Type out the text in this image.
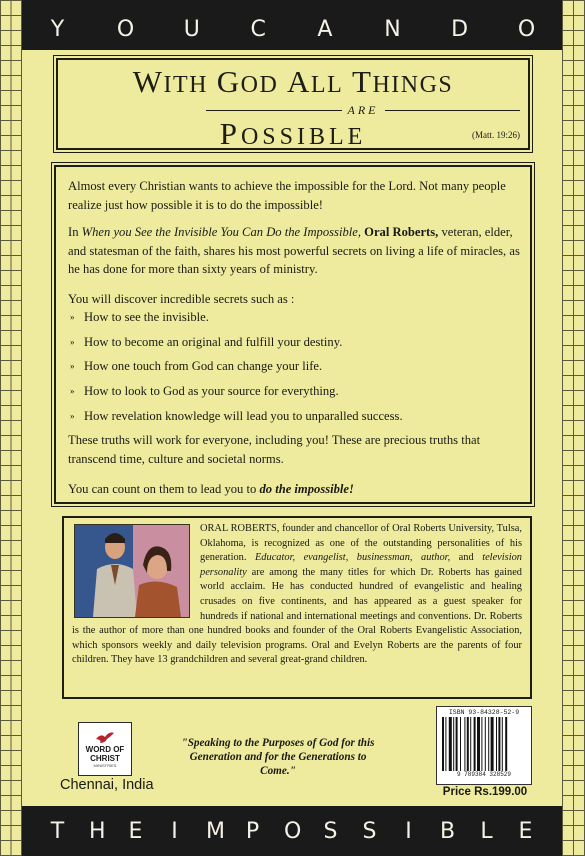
Y O U C A N D O
WITH GOD ALL THINGS
ARE
POSSIBLE	(Matt. 19:26)

Almost every Christian wants to achieve the impossible for the Lord. Not many people realize just how possible it is to do the impossible!

In When you See the Invisible You Can Do the Impossible, Oral Roberts, veteran, elder, and statesman of the faith, shares his most powerful secrets on living a life of miracles, as he has done for more than sixty years of ministry.

You will discover incredible secrets such as :

» How to see the invisible.
» How to become an original and fulfill your destiny.
» How one touch from God can change your life.
» How to look to God as your source for everything.
» How revelation knowledge will lead you to unparalled success.

These truths will work for everyone, including you! These are precious truths that transcend time, culture and societal norms.

You can count on them to lead you to do the impossible!

ORAL ROBERTS, founder and chancellor of Oral Roberts University, Tulsa, Oklahoma, is recognized as one of the outstanding personalities of his generation. Educator, evangelist, businessman, author, and television personality are among the many titles for which Dr. Roberts has gained world acclaim. He has conducted hundred of evangelistic and healing crusades on five continents, and has appeared as a guest speaker for hundreds if national and international meetings and conventions. Dr. Roberts is the author of more than one hundred books and founder of the Oral Roberts Evangelistic Association, which sponsors weekly and daily television programs. Oral and Evelyn Roberts are the parents of four children. They have 13 grandchildren and several great-grand children.

WORD OF
CHRIST
MINISTRIES
Chennai, India
"Speaking to the Purposes of God for this Generation and for the Generations to Come."
ISBN 93-84328-52-9
9 789384 328529
Price Rs.199.00
T H E I M P O S S I B L E
